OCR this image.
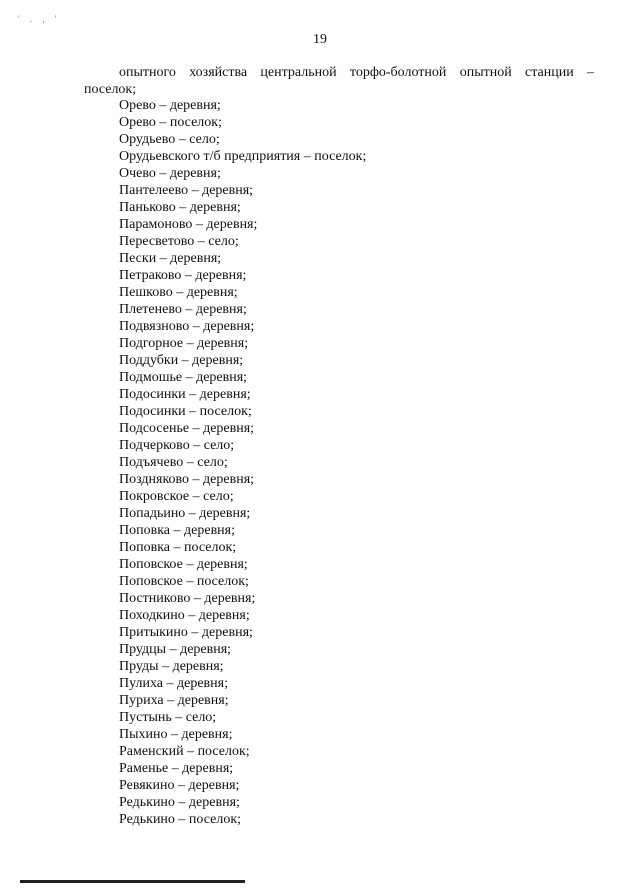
' . , '
19
опытного хозяйства центральной торфо-болотной опытной станции –
поселок;
Орево – деревня;
Орево – поселок;
Орудьево – село;
Орудьевского т/б предприятия – поселок;
Очево – деревня;
Пантелеево – деревня;
Паньково – деревня;
Парамоново – деревня;
Пересветово – село;
Пески – деревня;
Петраково – деревня;
Пешково – деревня;
Плетенево – деревня;
Подвязново – деревня;
Подгорное – деревня;
Поддубки – деревня;
Подмошье – деревня;
Подосинки – деревня;
Подосинки – поселок;
Подсосенье – деревня;
Подчерково – село;
Подъячево – село;
Поздняково – деревня;
Покровское – село;
Попадьино – деревня;
Поповка – деревня;
Поповка – поселок;
Поповское – деревня;
Поповское – поселок;
Постниково – деревня;
Походкино – деревня;
Притыкино – деревня;
Прудцы – деревня;
Пруды – деревня;
Пулиха – деревня;
Пуриха – деревня;
Пустынь – село;
Пыхино – деревня;
Раменский – поселок;
Раменье – деревня;
Ревякино – деревня;
Редькино – деревня;
Редькино – поселок;
